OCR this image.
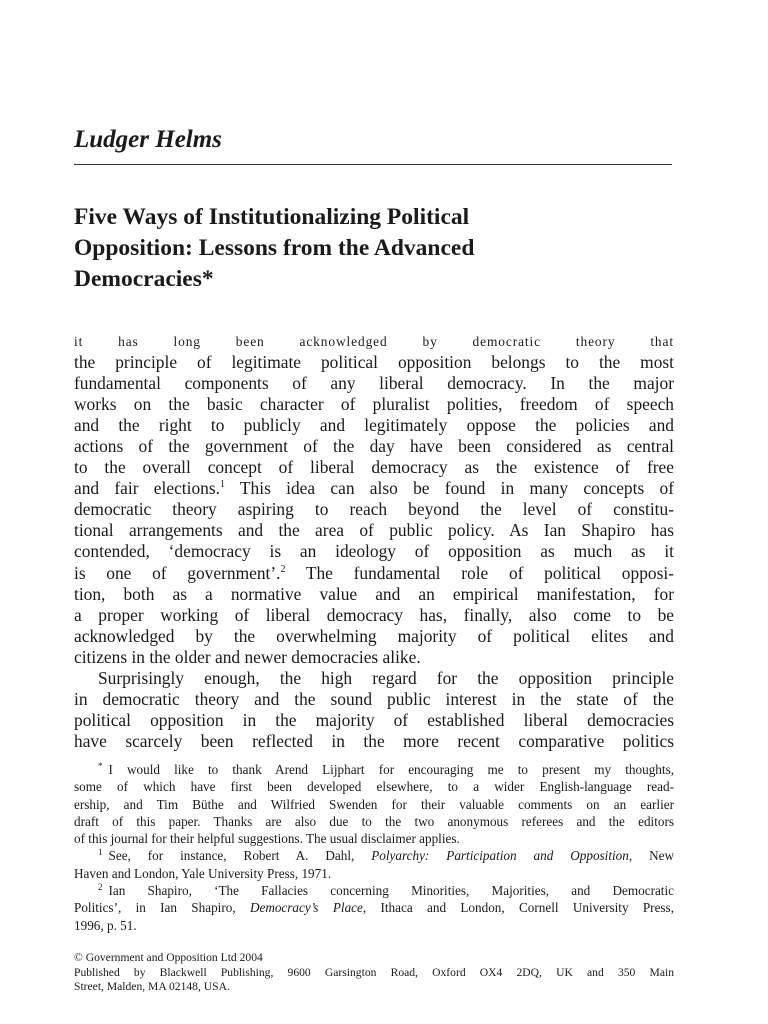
Ludger Helms
Five Ways of Institutionalizing Political
Opposition: Lessons from the Advanced
Democracies*
it has long been acknowledged by democratic theory that
the principle of legitimate political opposition belongs to the most
fundamental components of any liberal democracy. In the major
works on the basic character of pluralist polities, freedom of speech
and the right to publicly and legitimately oppose the policies and
actions of the government of the day have been considered as central
to the overall concept of liberal democracy as the existence of free
and fair elections.$^1$ This idea can also be found in many concepts of
democratic theory aspiring to reach beyond the level of constitu-
tional arrangements and the area of public policy. As Ian Shapiro has
contended, ‘democracy is an ideology of opposition as much as it
is one of government’.$^2$ The fundamental role of political opposi-
tion, both as a normative value and an empirical manifestation, for
a proper working of liberal democracy has, finally, also come to be
acknowledged by the overwhelming majority of political elites and
citizens in the older and newer democracies alike.
Surprisingly enough, the high regard for the opposition principle
in democratic theory and the sound public interest in the state of the
political opposition in the majority of established liberal democracies
have scarcely been reflected in the more recent comparative politics
* I would like to thank Arend Lijphart for encouraging me to present my thoughts,
some of which have first been developed elsewhere, to a wider English-language read-
ership, and Tim Büthe and Wilfried Swenden for their valuable comments on an earlier
draft of this paper. Thanks are also due to the two anonymous referees and the editors
of this journal for their helpful suggestions. The usual disclaimer applies.
$^1$ See, for instance, Robert A. Dahl, Polyarchy: Participation and Opposition, New
Haven and London, Yale University Press, 1971.
$^2$ Ian Shapiro, ‘The Fallacies concerning Minorities, Majorities, and Democratic
Politics’, in Ian Shapiro, Democracy’s Place, Ithaca and London, Cornell University Press,
1996, p. 51.
© Government and Opposition Ltd 2004
Published by Blackwell Publishing, 9600 Garsington Road, Oxford OX4 2DQ, UK and 350 Main
Street, Malden, MA 02148, USA.
